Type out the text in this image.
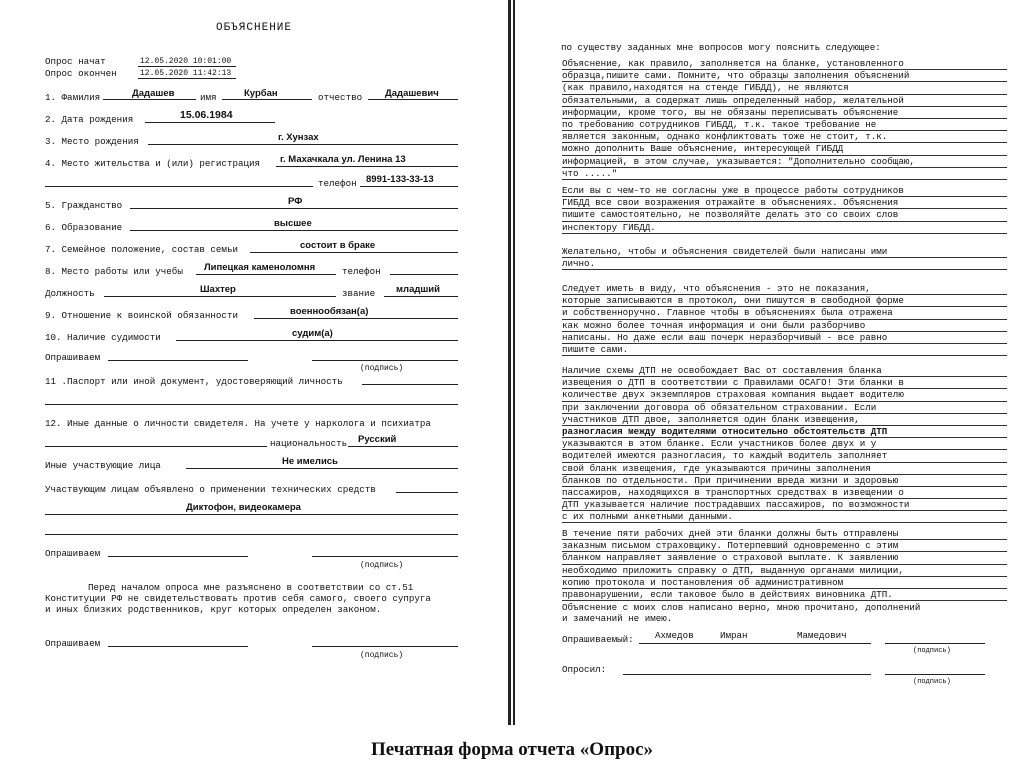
ОБЪЯСНЕНИЕ
Опрос начат	12.05.2020 10:01:00
Опрос окончен	12.05.2020 11:42:13
1. Фамилия	Дадашев	имя	Курбан	отчество Дадашевич
2. Дата рождения	15.06.1984
3. Место рождения	г. Хунзах
4. Место жительства и (или) регистрация г. Махачкала ул. Ленина 13
телефон 8991-133-33-13
5. Гражданство	РФ
6. Образование	высшее
7. Семейное положение, состав семьи	состоит в браке
8. Место работы или учебы Липецкая каменоломня	телефон
Должность	Шахтер	звание младший
9. Отношение к воинской обязанности	военнообязан(а)
10. Наличие судимости	судим(а)
Опрашиваем
(подпись)
11 .Паспорт или иной документ, удостоверяющий личность
12. Иные данные о личности свидетеля. На учете у нарколога и психиатра
национальность Русский
Иные участвующие лица	Не имелись
Участвующим лицам объявлено о применении технических средств
Диктофон, видеокамера
Опрашиваем
(подпись)
Перед началом опроса мне разъяснено в соответствии со ст.51
Конституции РФ не свидетельствовать против себя самого, своего супруга
и иных близких родственников, круг которых определен законом.
Опрашиваем
(подпись)
по существу заданных мне вопросов могу пояснить следующее:
Объяснение, как правило, заполняется на бланке, установленного
образца,пишите сами. Помните, что образцы заполнения объяснений
(как правило,находятся на стенде ГИБДД), не являются
обязательными, а содержат лишь определенный набор, желательной
информации, кроме того, вы не обязаны переписывать объяснение
по требованию сотрудников ГИБДД, т.к. такое требование не
является законным, однако конфликтовать тоже не стоит, т.к.
можно дополнить Ваше объяснение, интересующей ГИБДД
информацией, в этом случае, указывается: "Дополнительно сообщаю,
что ....."
Если вы с чем-то не согласны уже в процессе работы сотрудников
ГИБДД все свои возражения отражайте в объяснениях. Объяснения
пишите самостоятельно, не позволяйте делать это со своих слов
инспектору ГИБДД.
Желательно, чтобы и объяснения свидетелей были написаны ими
лично.
Следует иметь в виду, что объяснения - это не показания,
которые записываются в протокол, они пишутся в свободной форме
и собственноручно. Главное чтобы в объяснениях была отражена
как можно более точная информация и они были разборчиво
написаны. Но даже если ваш почерк неразборчивый - все равно
пишите сами.
Наличие схемы ДТП не освобождает Вас от составления бланка
извещения о ДТП в соответствии с Правилами ОСАГО! Эти бланки в
количестве двух экземпляров страховая компания выдает водителю
при заключении договора об обязательном страховании. Если
участников ДТП двое, заполняется один бланк извещения,
разногласия между водителями относительно обстоятельств ДТП
указываются в этом бланке. Если участников более двух и у
водителей имеются разногласия, то каждый водитель заполняет
свой бланк извещения, где указываются причины заполнения
бланков по отдельности. При причинении вреда жизни и здоровью
пассажиров, находящихся в транспортных средствах в извещении о
ДТП указывается наличие пострадавших пассажиров, по возможности
с их полными анкетными данными.
В течение пяти рабочих дней эти бланки должны быть отправлены
заказным письмом страховщику. Потерпевший одновременно с этим
бланком направляет заявление о страховой выплате. К заявлению
необходимо приложить справку о ДТП, выданную органами милиции,
копию протокола и постановления об административном
правонарушении, если таковое было в действиях виновника ДТП.
Объяснение с моих слов написано верно, мною прочитано, дополнений
и замечаний не имею.
Опрашиваемый: Ахмедов	Имран	Мамедович
(подпись)
Опросил:
(подпись)
Печатная форма отчета «Опрос»
